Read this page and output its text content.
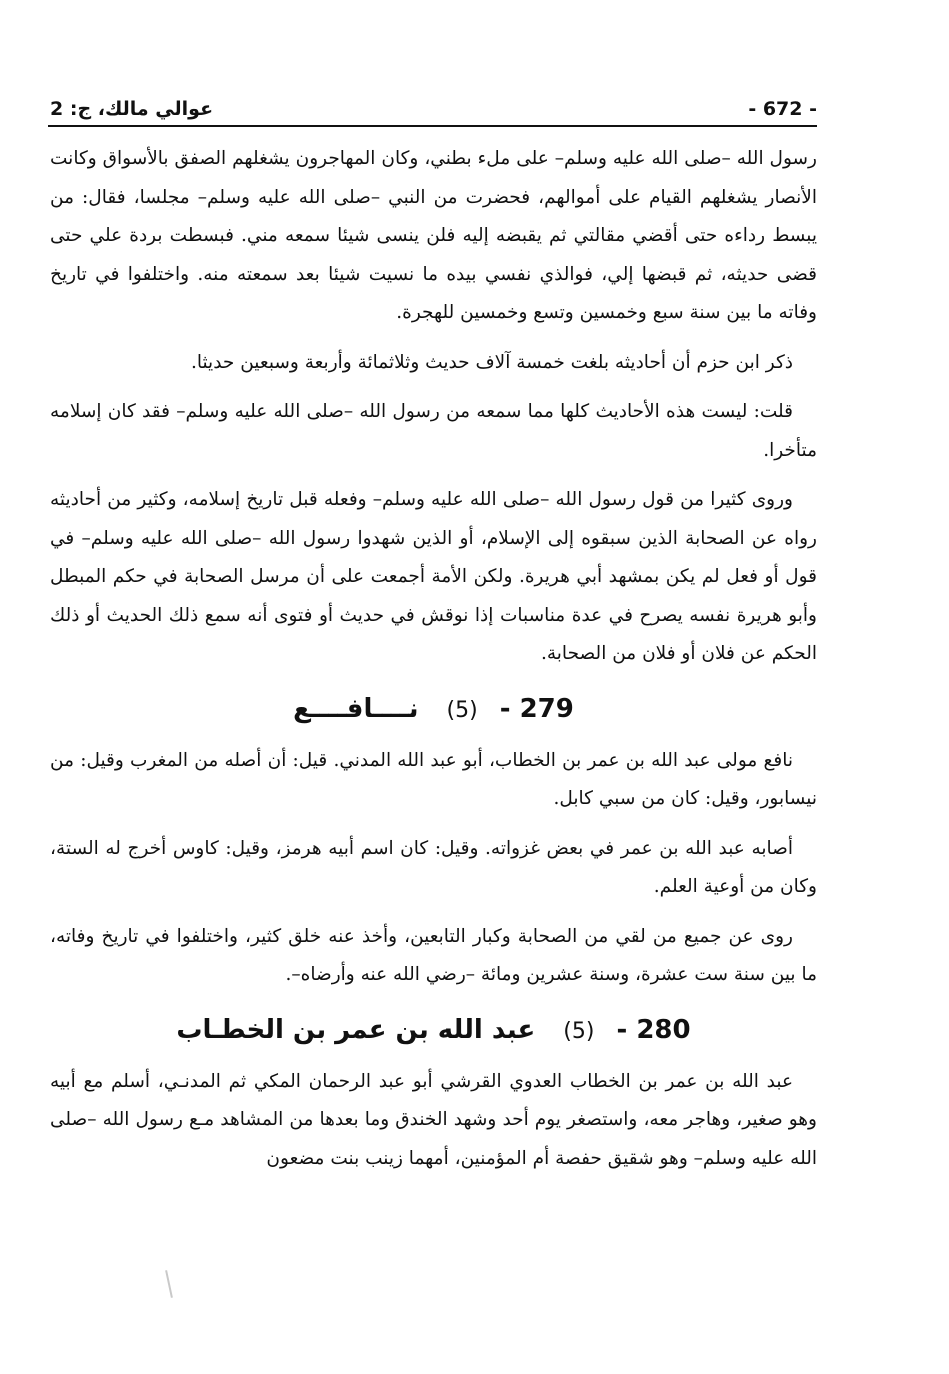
عوالي مالك، ج: 2	- 672 -

رسول الله –صلى الله عليه وسلم– على ملء بطني، وكان المهاجرون يشغلهم الصفق بالأسواق وكانت الأنصار يشغلهم القيام على أموالهم، فحضرت من النبي –صلى الله عليه وسلم– مجلسا، فقال: من يبسط رداءه حتى أقضي مقالتي ثم يقبضه إليه فلن ينسى شيئا سمعه مني. فبسطت بردة علي حتى قضى حديثه، ثم قبضها إلي، فوالذي نفسي بيده ما نسيت شيئا بعد سمعته منه. واختلفوا في تاريخ وفاته ما بين سنة سبع وخمسين وتسع وخمسين للهجرة.

ذكر ابن حزم أن أحاديثه بلغت خمسة آلاف حديث وثلاثمائة وأربعة وسبعين حديثا.

قلت: ليست هذه الأحاديث كلها مما سمعه من رسول الله –صلى الله عليه وسلم– فقد كان إسلامه متأخرا.

وروى كثيرا من قول رسول الله –صلى الله عليه وسلم– وفعله قبل تاريخ إسلامه، وكثير من أحاديثه رواه عن الصحابة الذين سبقوه إلى الإسلام، أو الذين شهدوا رسول الله –صلى الله عليه وسلم– في قول أو فعل لم يكن بمشهد أبي هريرة. ولكن الأمة أجمعت على أن مرسل الصحابة في حكم المبطل وأبو هريرة نفسه يصرح في عدة مناسبات إذا نوقش في حديث أو فتوى أنه سمع ذلك الحديث أو ذلك الحكم عن فلان أو فلان من الصحابة.

279 - (5) نــــافــــع

نافع مولى عبد الله بن عمر بن الخطاب، أبو عبد الله المدني. قيل: أن أصله من المغرب وقيل: من نيسابور، وقيل: كان من سبي كابل.

أصابه عبد الله بن عمر في بعض غزواته. وقيل: كان اسم أبيه هرمز، وقيل: كاوس أخرج له الستة، وكان من أوعية العلم.

روى عن جميع من لقي من الصحابة وكبار التابعين، وأخذ عنه خلق كثير، واختلفوا في تاريخ وفاته، ما بين سنة ست عشرة، وسنة عشرين ومائة –رضي الله عنه وأرضاه–.

280 - (5) عبد الله بن عمر بن الخطـاب

عبد الله بن عمر بن الخطاب العدوي القرشي أبو عبد الرحمان المكي ثم المدنـي، أسلم مع أبيه وهو صغير، وهاجر معه، واستصغر يوم أحد وشهد الخندق وما بعدها من المشاهد مـع رسول الله –صلى الله عليه وسلم– وهو شقيق حفصة أم المؤمنين، أمهما زينب بنت مضعون
